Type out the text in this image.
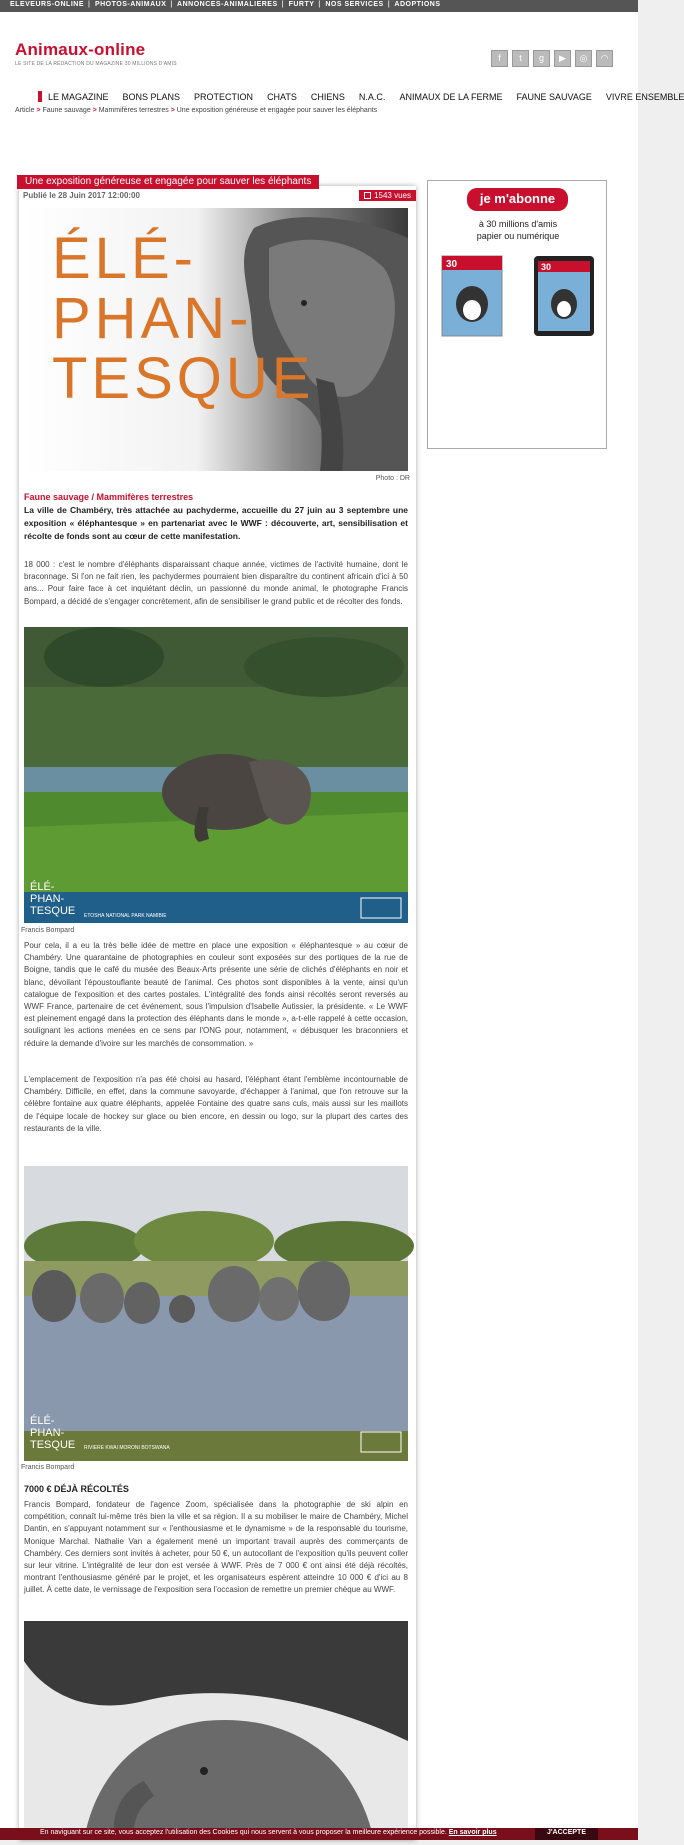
ELEVEURS-ONLINE | PHOTOS-ANIMAUX | ANNONCES-ANIMALIERES | FURTY | NOS SERVICES | ADOPTIONS
Animaux-online
LE SITE DE LA RÉDACTION DU MAGAZINE 30 MILLIONS D'AMIS
f	t	g	▶	◎	◠
LE MAGAZINE BONS PLANS PROTECTION CHATS CHIENS N.A.C. ANIMAUX DE LA FERME FAUNE SAUVAGE VIVRE ENSEMBLE
Article > Faune sauvage > Mammifères terrestres > Une exposition généreuse et engagée pour sauver les éléphants
Une exposition généreuse et engagée pour sauver les éléphants
Publié le 28 Juin 2017 12:00:00	1543 vues
ÉLÉ-
PHAN-
TESQUE
Photo : DR
Faune sauvage / Mammifères terrestres
La ville de Chambéry, très attachée au pachyderme, accueille du 27 juin au 3 septembre une exposition « éléphantesque » en partenariat avec le WWF : découverte, art, sensibilisation et récolte de fonds sont au cœur de cette manifestation.
18 000 : c'est le nombre d'éléphants disparaissant chaque année, victimes de l'activité humaine, dont le braconnage. Si l'on ne fait rien, les pachydermes pourraient bien disparaître du continent africain d'ici à 50 ans... Pour faire face à cet inquiétant déclin, un passionné du monde animal, le photographe Francis Bompard, a décidé de s'engager concrètement, afin de sensibiliser le grand public et de récolter des fonds.
ETOSHA NATIONAL PARK NAMIBIE
ÉLÉ-
PHAN-
TESQUE
Francis Bompard
Pour cela, il a eu la très belle idée de mettre en place une exposition « éléphantesque » au cœur de Chambéry. Une quarantaine de photographies en couleur sont exposées sur des portiques de la rue de Boigne, tandis que le café du musée des Beaux-Arts présente une série de clichés d'éléphants en noir et blanc, dévoilant l'époustouflante beauté de l'animal. Ces photos sont disponibles à la vente, ainsi qu'un catalogue de l'exposition et des cartes postales. L'intégralité des fonds ainsi récoltés seront reversés au WWF France, partenaire de cet événement, sous l'impulsion d'Isabelle Autissier, la présidente. « Le WWF est pleinement engagé dans la protection des éléphants dans le monde », a-t-elle rappelé à cette occasion, soulignant les actions menées en ce sens par l'ONG pour, notamment, « débusquer les braconniers et réduire la demande d'ivoire sur les marchés de consommation. »
L'emplacement de l'exposition n'a pas été choisi au hasard, l'éléphant étant l'emblème incontournable de Chambéry. Difficile, en effet, dans la commune savoyarde, d'échapper à l'animal, que l'on retrouve sur la célèbre fontaine aux quatre éléphants, appelée Fontaine des quatre sans culs, mais aussi sur les maillots de l'équipe locale de hockey sur glace ou bien encore, en dessin ou logo, sur la plupart des cartes des restaurants de la ville.
RIVIERE KWAI MORONI BOTSWANA
ÉLÉ-
PHAN-
TESQUE
Francis Bompard
7000 € DÉJÀ RÉCOLTÉS
Francis Bompard, fondateur de l'agence Zoom, spécialisée dans la photographie de ski alpin en compétition, connaît lui-même très bien la ville et sa région. Il a su mobiliser le maire de Chambéry, Michel Dantin, en s'appuyant notamment sur « l'enthousiasme et le dynamisme » de la responsable du tourisme, Monique Marchal. Nathalie Van a également mené un important travail auprès des commerçants de Chambéry. Ces derniers sont invités à acheter, pour 50 €, un autocollant de l'exposition qu'ils peuvent coller sur leur vitrine. L'intégralité de leur don est versée à WWF. Près de 7 000 € ont ainsi été déjà récoltés, montrant l'enthousiasme généré par le projet, et les organisateurs espèrent atteindre 10 000 € d'ici au 8 juillet. À cette date, le vernissage de l'exposition sera l'occasion de remettre un premier chèque au WWF.
je m'abonne
à 30 millions d'amis
papier ou numérique
30	30
En naviguant sur ce site, vous acceptez l'utilisation des Cookies qui nous servent à vous proposer la meilleure expérience possible. En savoir plus	J'ACCEPTE
